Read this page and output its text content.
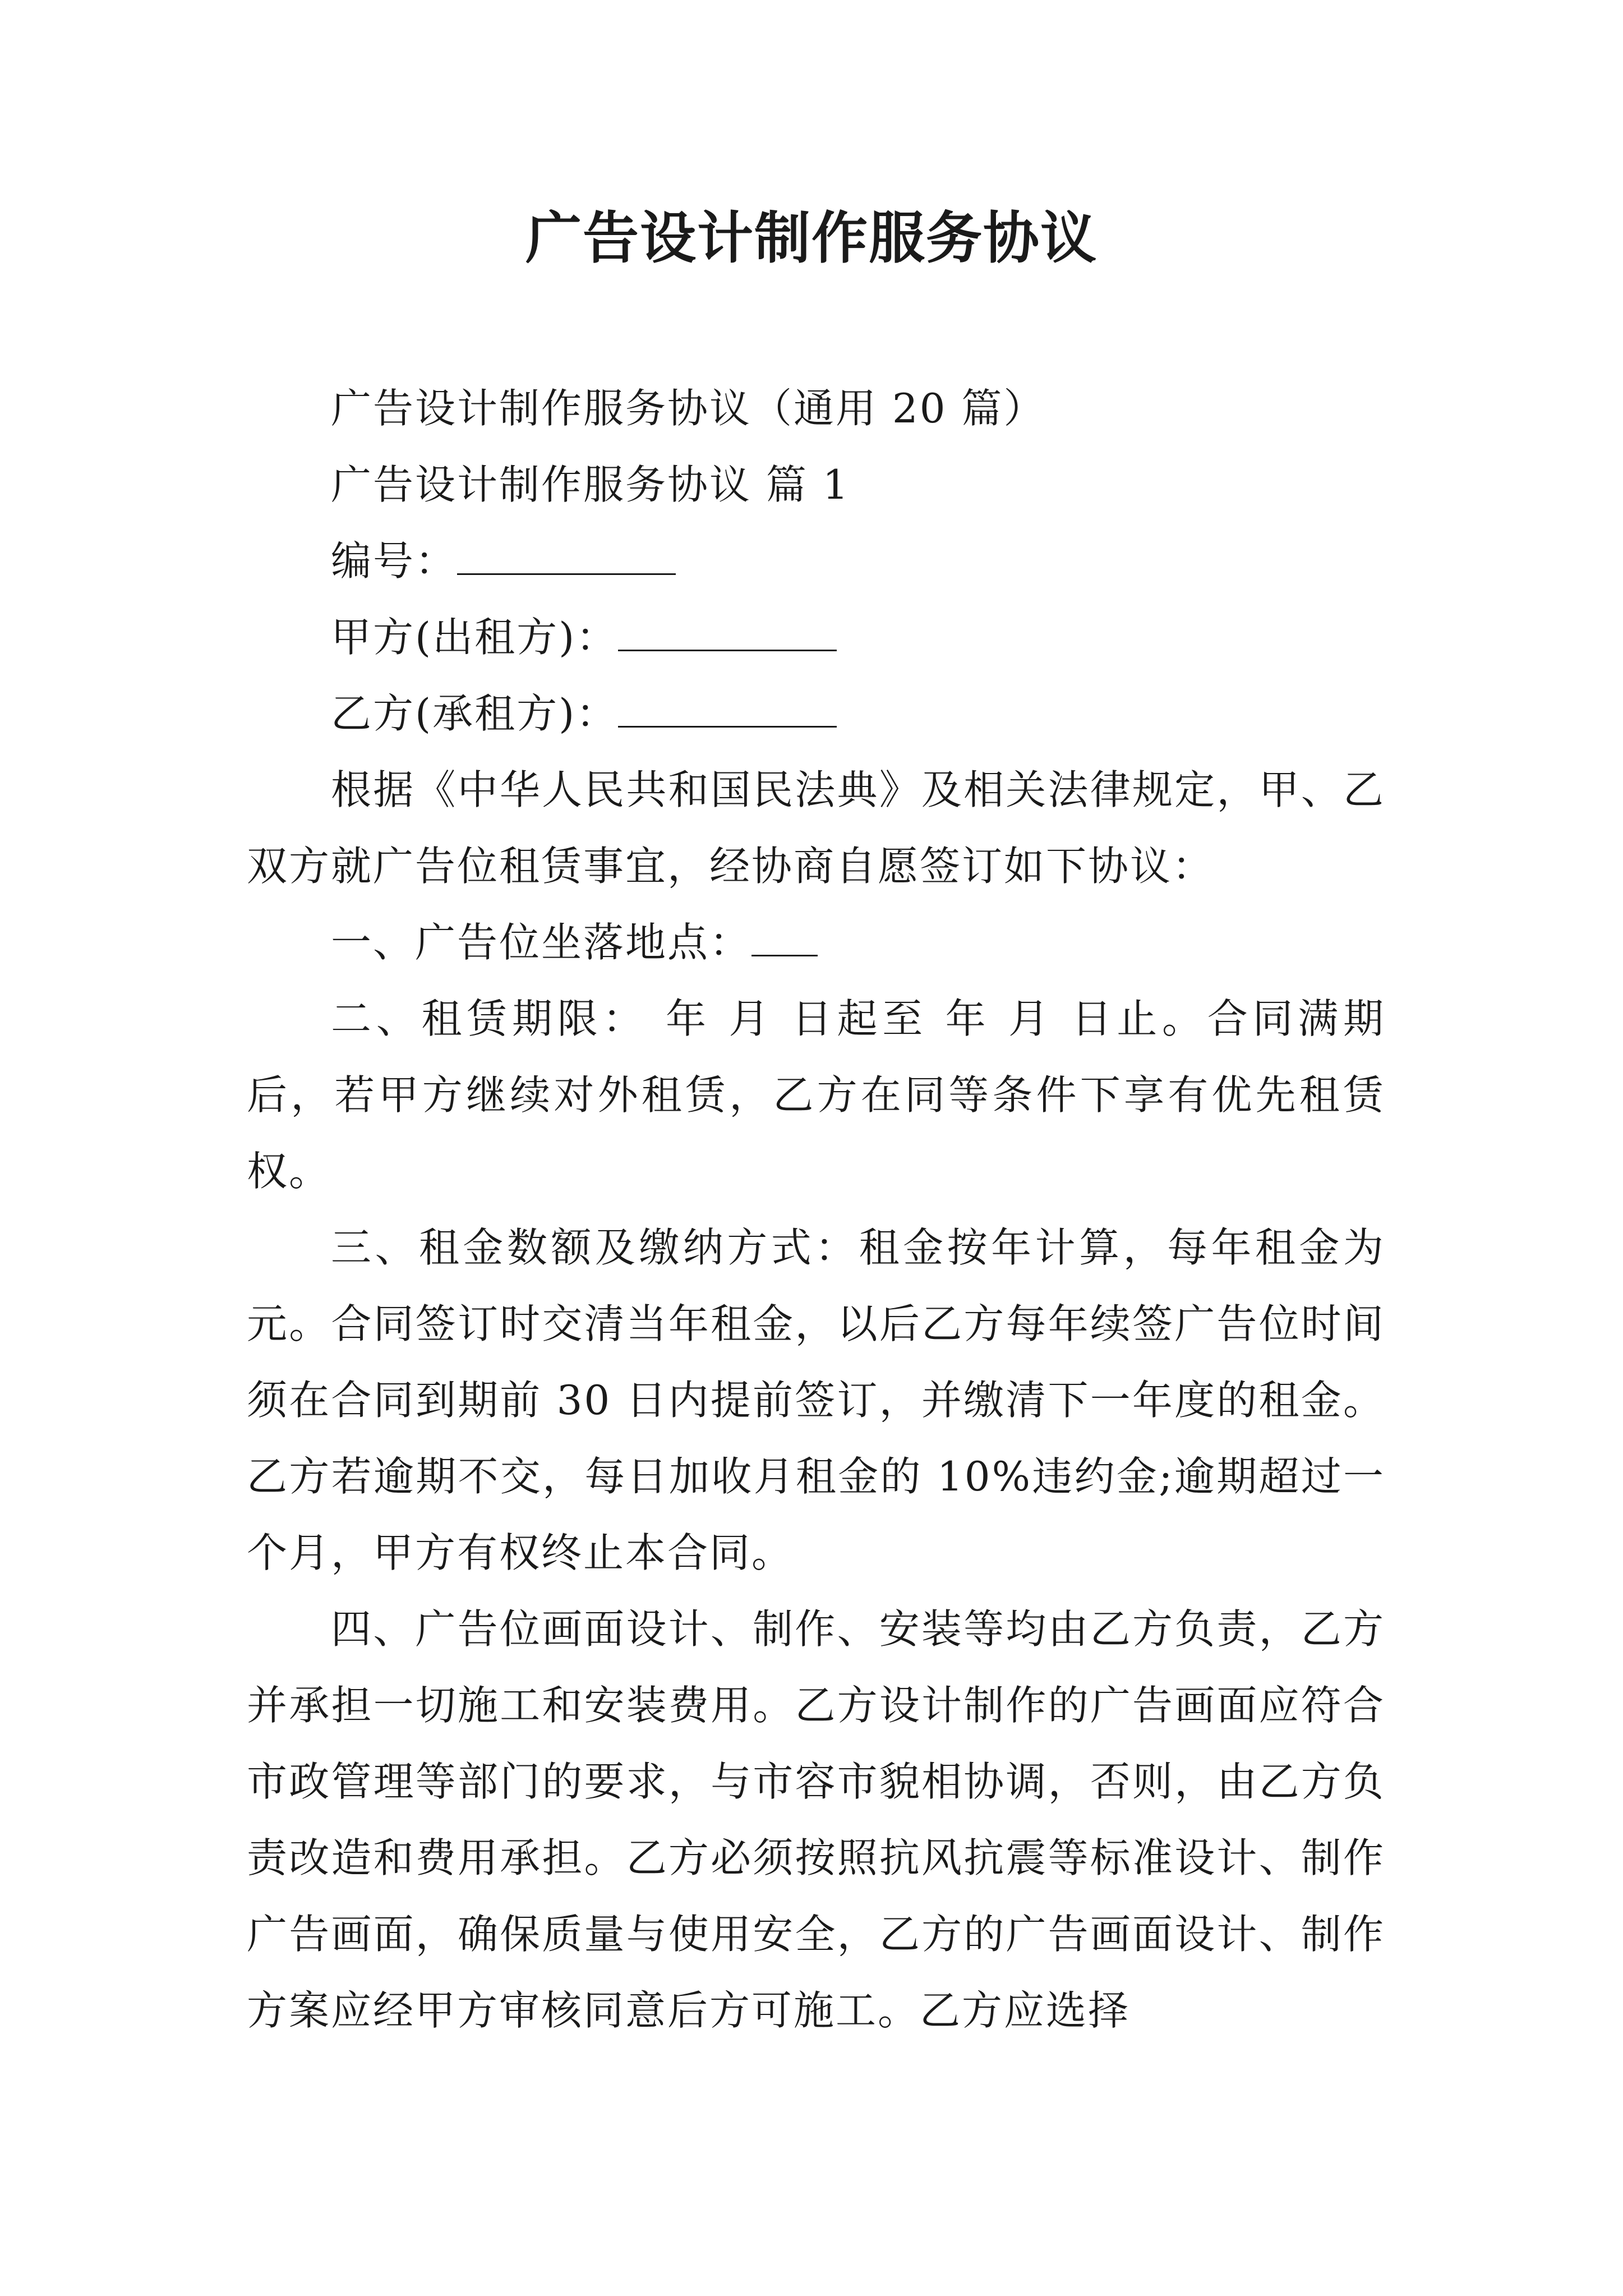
广告设计制作服务协议

广告设计制作服务协议（通用 20 篇）

广告设计制作服务协议 篇 1

编号：

甲方(出租方)：

乙方(承租方)：

根据《中华人民共和国民法典》及相关法律规定，甲、乙双方就广告位租赁事宜，经协商自愿签订如下协议：

一、广告位坐落地点：

二、租赁期限： 年 月 日起至 年 月 日止。合同满期后，若甲方继续对外租赁，乙方在同等条件下享有优先租赁权。

三、租金数额及缴纳方式：租金按年计算，每年租金为元。合同签订时交清当年租金，以后乙方每年续签广告位时间须在合同到期前 30 日内提前签订，并缴清下一年度的租金。乙方若逾期不交，每日加收月租金的 10%违约金;逾期超过一个月，甲方有权终止本合同。

四、广告位画面设计、制作、安装等均由乙方负责，乙方并承担一切施工和安装费用。乙方设计制作的广告画面应符合市政管理等部门的要求，与市容市貌相协调，否则，由乙方负责改造和费用承担。乙方必须按照抗风抗震等标准设计、制作广告画面，确保质量与使用安全，乙方的广告画面设计、制作方案应经甲方审核同意后方可施工。乙方应选择
